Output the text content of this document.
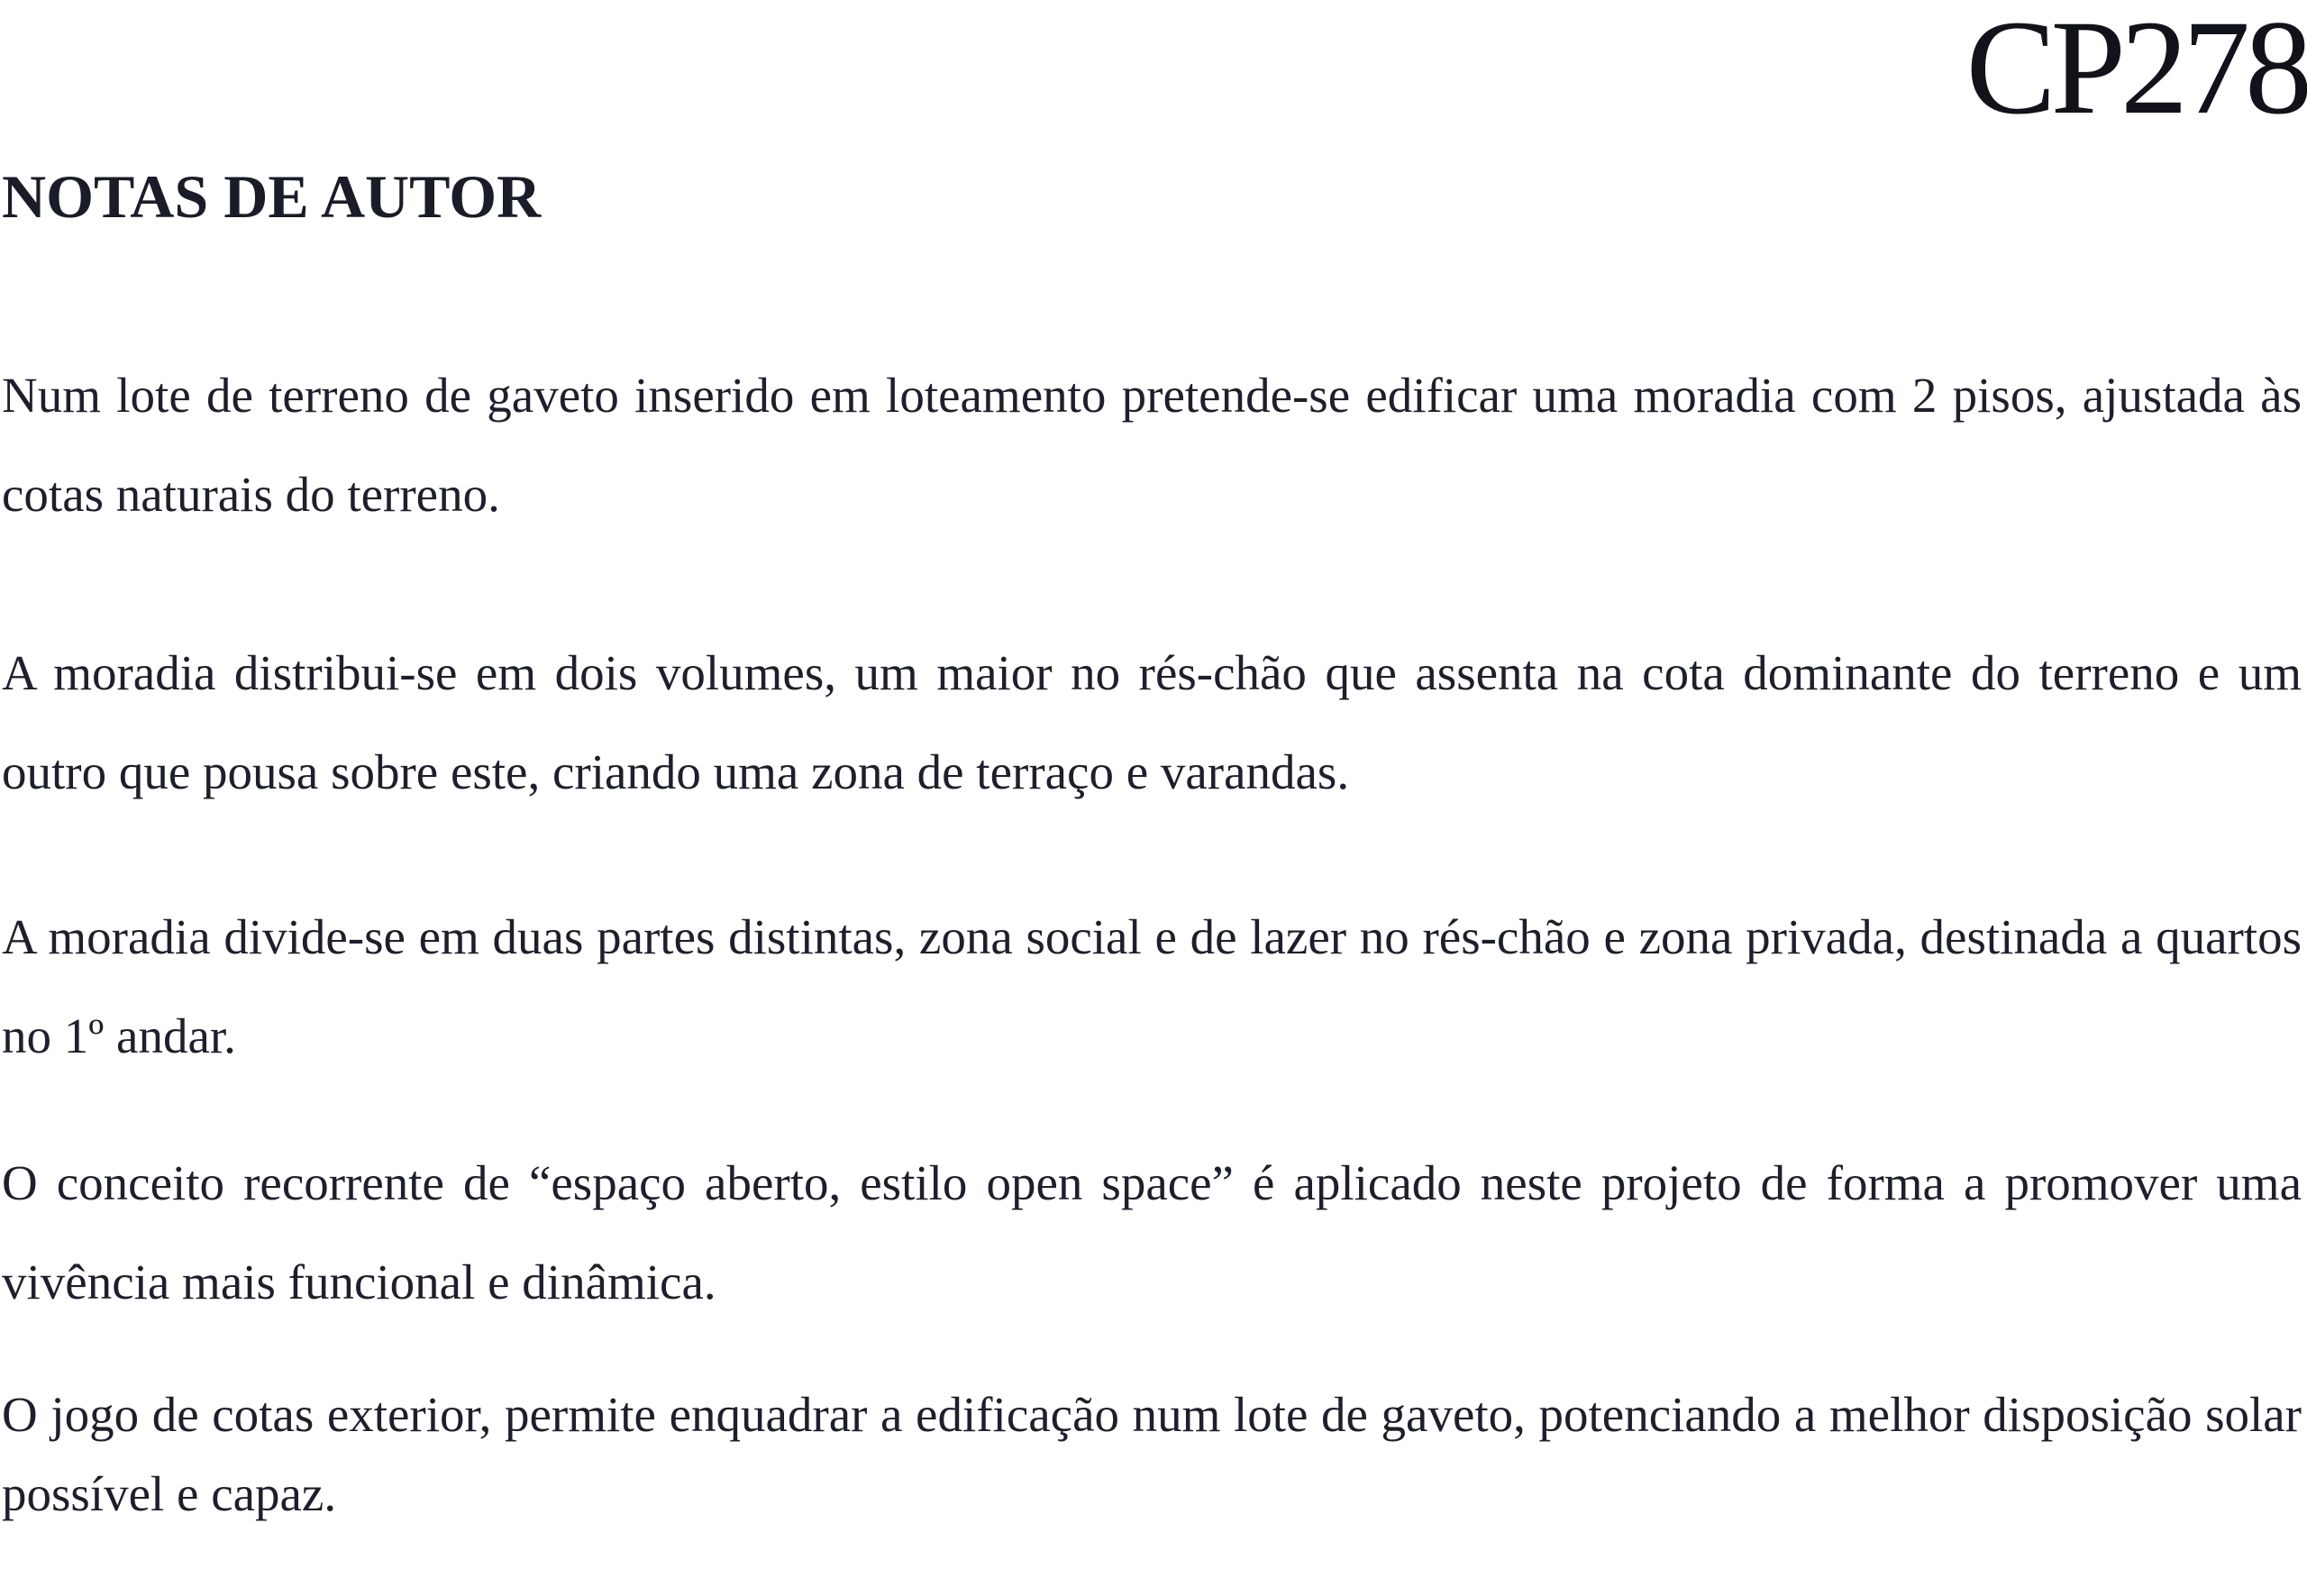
CP278
NOTAS DE AUTOR

Num lote de terreno de gaveto inserido em loteamento pretende-se edificar uma moradia com 2 pisos, ajustada às cotas naturais do terreno.

A moradia distribui-se em dois volumes, um maior no rés-chão que assenta na cota dominante do terreno e um outro que pousa sobre este, criando uma zona de terraço e varandas.

A moradia divide-se em duas partes distintas, zona social e de lazer no rés-chão e zona privada, destinada a quartos no 1º andar.

O conceito recorrente de “espaço aberto, estilo open space” é aplicado neste projeto de forma a promover uma vivência mais funcional e dinâmica.

O jogo de cotas exterior, permite enquadrar a edificação num lote de gaveto, potenciando a melhor disposição solar possível e capaz.
